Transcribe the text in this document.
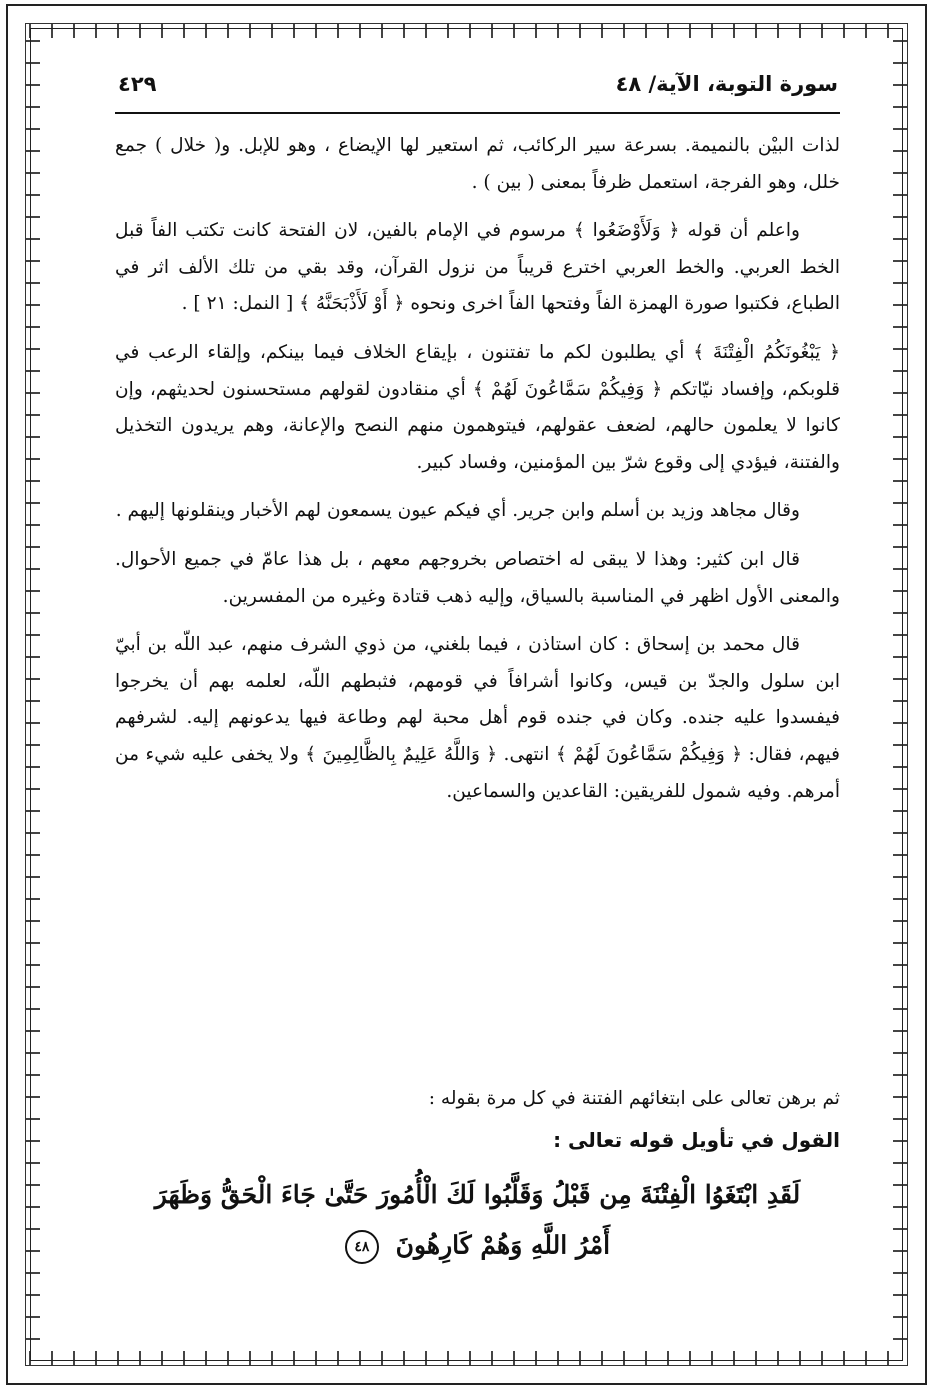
سورة التوبة، الآية/ ٤٨
٤٢٩

لذات البيْن بالنميمة. بسرعة سير الركائب، ثم استعير لها الإيضاع ، وهو للإبل. و( خلال ) جمع خلل، وهو الفرجة، استعمل ظرفاً بمعنى ( بين ) .

واعلم أن قوله ﴿ وَلَأَوْضَعُوا ﴾ مرسوم في الإمام بالفين، لان الفتحة كانت تكتب الفاً قبل الخط العربي. والخط العربي اخترع قريباً من نزول القرآن، وقد بقي من تلك الألف اثر في الطباع، فكتبوا صورة الهمزة الفاً وفتحها الفاً اخرى ونحوه ﴿ أَوْ لَأَذْبَحَنَّهُ ﴾ [ النمل: ٢١ ] .

﴿ يَبْغُونَكُمُ الْفِتْنَةَ ﴾ أي يطلبون لكم ما تفتنون ، بإيقاع الخلاف فيما بينكم، وإلقاء الرعب في قلوبكم، وإفساد نيّاتكم ﴿ وَفِيكُمْ سَمَّاعُونَ لَهُمْ ﴾ أي منقادون لقولهم مستحسنون لحديثهم، وإن كانوا لا يعلمون حالهم، لضعف عقولهم، فيتوهمون منهم النصح والإعانة، وهم يريدون التخذيل والفتنة، فيؤدي إلى وقوع شرّ بين المؤمنين، وفساد كبير.

وقال مجاهد وزيد بن أسلم وابن جرير. أي فيكم عيون يسمعون لهم الأخبار وينقلونها إليهم .

قال ابن كثير: وهذا لا يبقى له اختصاص بخروجهم معهم ، بل هذا عامّ في جميع الأحوال. والمعنى الأول اظهر في المناسبة بالسياق، وإليه ذهب قتادة وغيره من المفسرين.

قال محمد بن إسحاق : كان استاذن ، فيما بلغني، من ذوي الشرف منهم، عبد اللّه بن أبيّ ابن سلول والجدّ بن قيس، وكانوا أشرافاً في قومهم، فثبطهم اللّه، لعلمه بهم أن يخرجوا فيفسدوا عليه جنده. وكان في جنده قوم أهل محبة لهم وطاعة فيها يدعونهم إليه. لشرفهم فيهم، فقال: ﴿ وَفِيكُمْ سَمَّاعُونَ لَهُمْ ﴾ انتهى. ﴿ وَاللَّهُ عَلِيمٌ بِالظَّالِمِينَ ﴾ ولا يخفى عليه شيء من أمرهم. وفيه شمول للفريقين: القاعدين والسماعين.

ثم برهن تعالى على ابتغائهم الفتنة في كل مرة بقوله :
القول في تأويل قوله تعالى :
لَقَدِ ابْتَغَوُا الْفِتْنَةَ مِن قَبْلُ وَقَلَّبُوا لَكَ الْأُمُورَ حَتَّىٰ جَاءَ الْحَقُّ وَظَهَرَ
أَمْرُ اللَّهِ وَهُمْ كَارِهُونَ ٤٨
